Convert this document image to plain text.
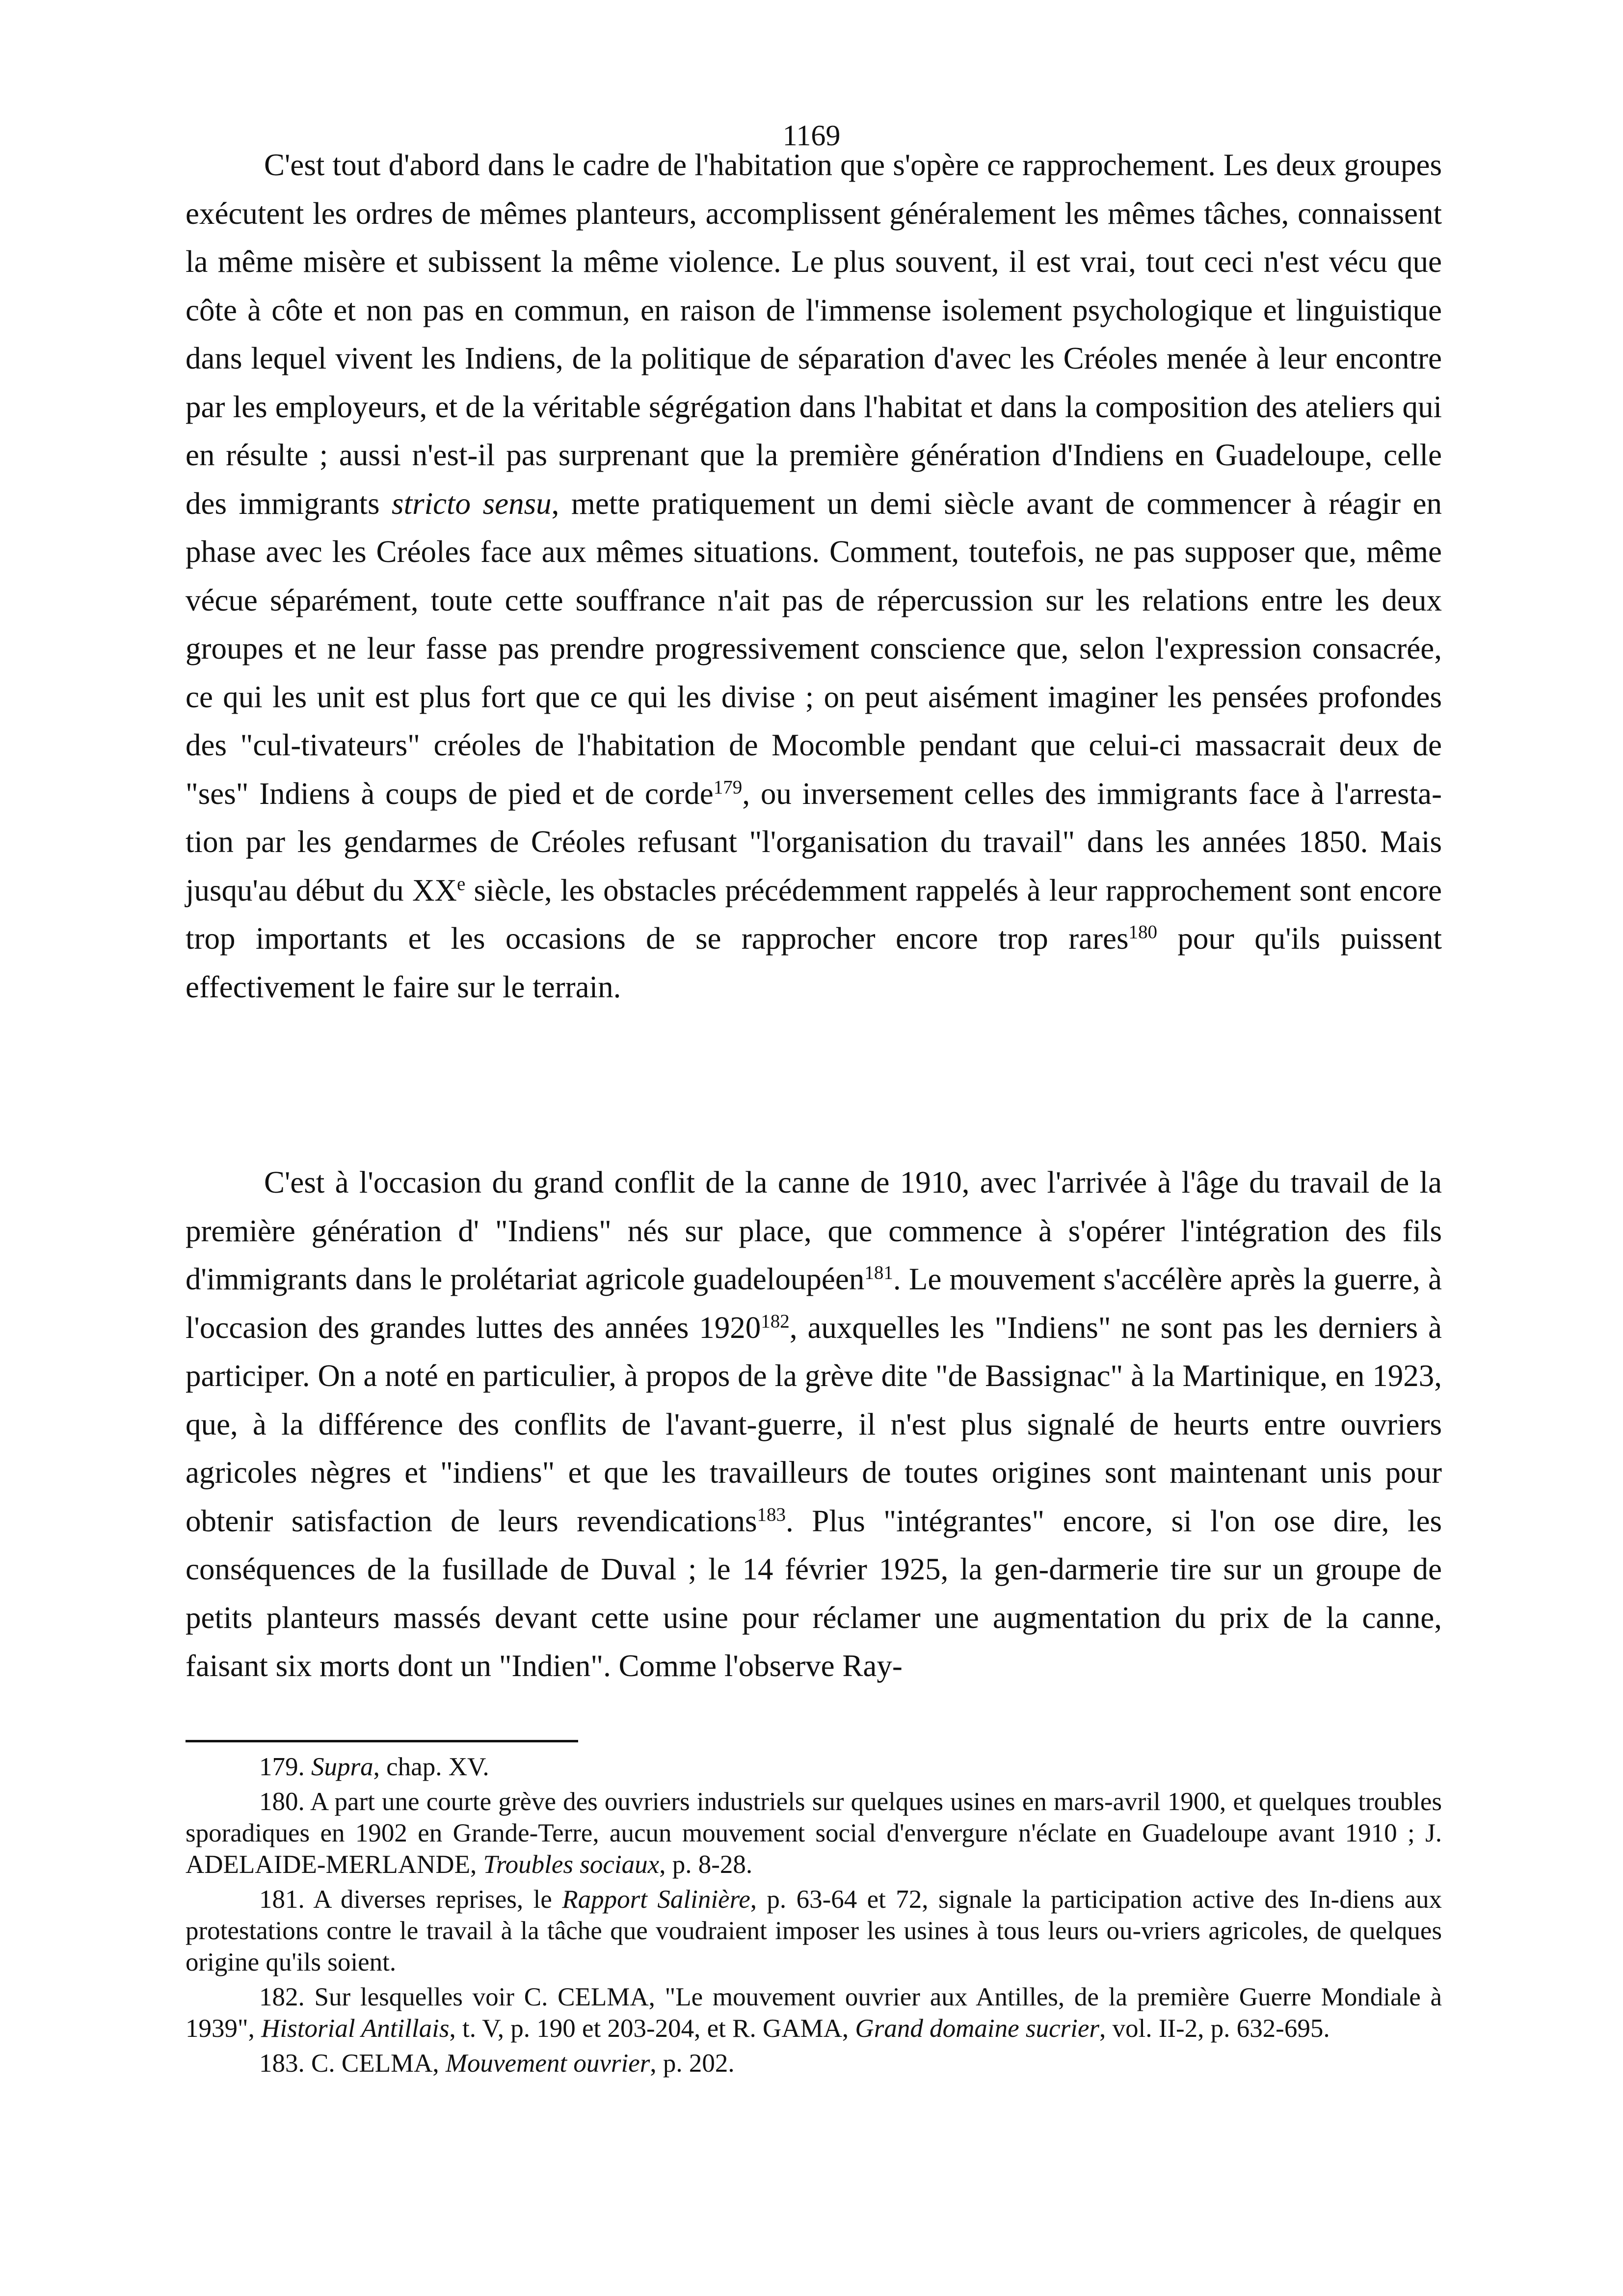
1169

C'est tout d'abord dans le cadre de l'habitation que s'opère ce rapprochement. Les deux groupes exécutent les ordres de mêmes planteurs, accomplissent généralement les mêmes tâches, connaissent la même misère et subissent la même violence. Le plus souvent, il est vrai, tout ceci n'est vécu que côte à côte et non pas en commun, en raison de l'immense isolement psychologique et linguistique dans lequel vivent les Indiens, de la politique de séparation d'avec les Créoles menée à leur encontre par les employeurs, et de la véritable ségrégation dans l'habitat et dans la composition des ateliers qui en résulte ; aussi n'est-il pas surprenant que la première génération d'Indiens en Guadeloupe, celle des immigrants stricto sensu, mette pratiquement un demi siècle avant de commencer à réagir en phase avec les Créoles face aux mêmes situations. Comment, toutefois, ne pas supposer que, même vécue séparément, toute cette souffrance n'ait pas de répercussion sur les relations entre les deux groupes et ne leur fasse pas prendre progressivement conscience que, selon l'expression consacrée, ce qui les unit est plus fort que ce qui les divise ; on peut aisément imaginer les pensées profondes des "cul-tivateurs" créoles de l'habitation de Mocomble pendant que celui-ci massacrait deux de "ses" Indiens à coups de pied et de corde$^{179}$, ou inversement celles des immigrants face à l'arresta-tion par les gendarmes de Créoles refusant "l'organisation du travail" dans les années 1850. Mais jusqu'au début du XXe siècle, les obstacles précédemment rappelés à leur rapprochement sont encore trop importants et les occasions de se rapprocher encore trop rares$^{180}$ pour qu'ils puissent effectivement le faire sur le terrain.

C'est à l'occasion du grand conflit de la canne de 1910, avec l'arrivée à l'âge du travail de la première génération d' "Indiens" nés sur place, que commence à s'opérer l'intégration des fils d'immigrants dans le prolétariat agricole guadeloupéen$^{181}$. Le mouvement s'accélère après la guerre, à l'occasion des grandes luttes des années 1920$^{182}$, auxquelles les "Indiens" ne sont pas les derniers à participer. On a noté en particulier, à propos de la grève dite "de Bassignac" à la Martinique, en 1923, que, à la différence des conflits de l'avant-guerre, il n'est plus signalé de heurts entre ouvriers agricoles nègres et "indiens" et que les travailleurs de toutes origines sont maintenant unis pour obtenir satisfaction de leurs revendications$^{183}$. Plus "intégrantes" encore, si l'on ose dire, les conséquences de la fusillade de Duval ; le 14 février 1925, la gen-darmerie tire sur un groupe de petits planteurs massés devant cette usine pour réclamer une augmentation du prix de la canne, faisant six morts dont un "Indien". Comme l'observe Ray-

179. Supra, chap. XV.

180. A part une courte grève des ouvriers industriels sur quelques usines en mars-avril 1900, et quelques troubles sporadiques en 1902 en Grande-Terre, aucun mouvement social d'envergure n'éclate en Guadeloupe avant 1910 ; J. ADELAIDE-MERLANDE, Troubles sociaux, p. 8-28.

181. A diverses reprises, le Rapport Salinière, p. 63-64 et 72, signale la participation active des In-diens aux protestations contre le travail à la tâche que voudraient imposer les usines à tous leurs ou-vriers agricoles, de quelques origine qu'ils soient.

182. Sur lesquelles voir C. CELMA, "Le mouvement ouvrier aux Antilles, de la première Guerre Mondiale à 1939", Historial Antillais, t. V, p. 190 et 203-204, et R. GAMA, Grand domaine sucrier, vol. II-2, p. 632-695.

183. C. CELMA, Mouvement ouvrier, p. 202.
